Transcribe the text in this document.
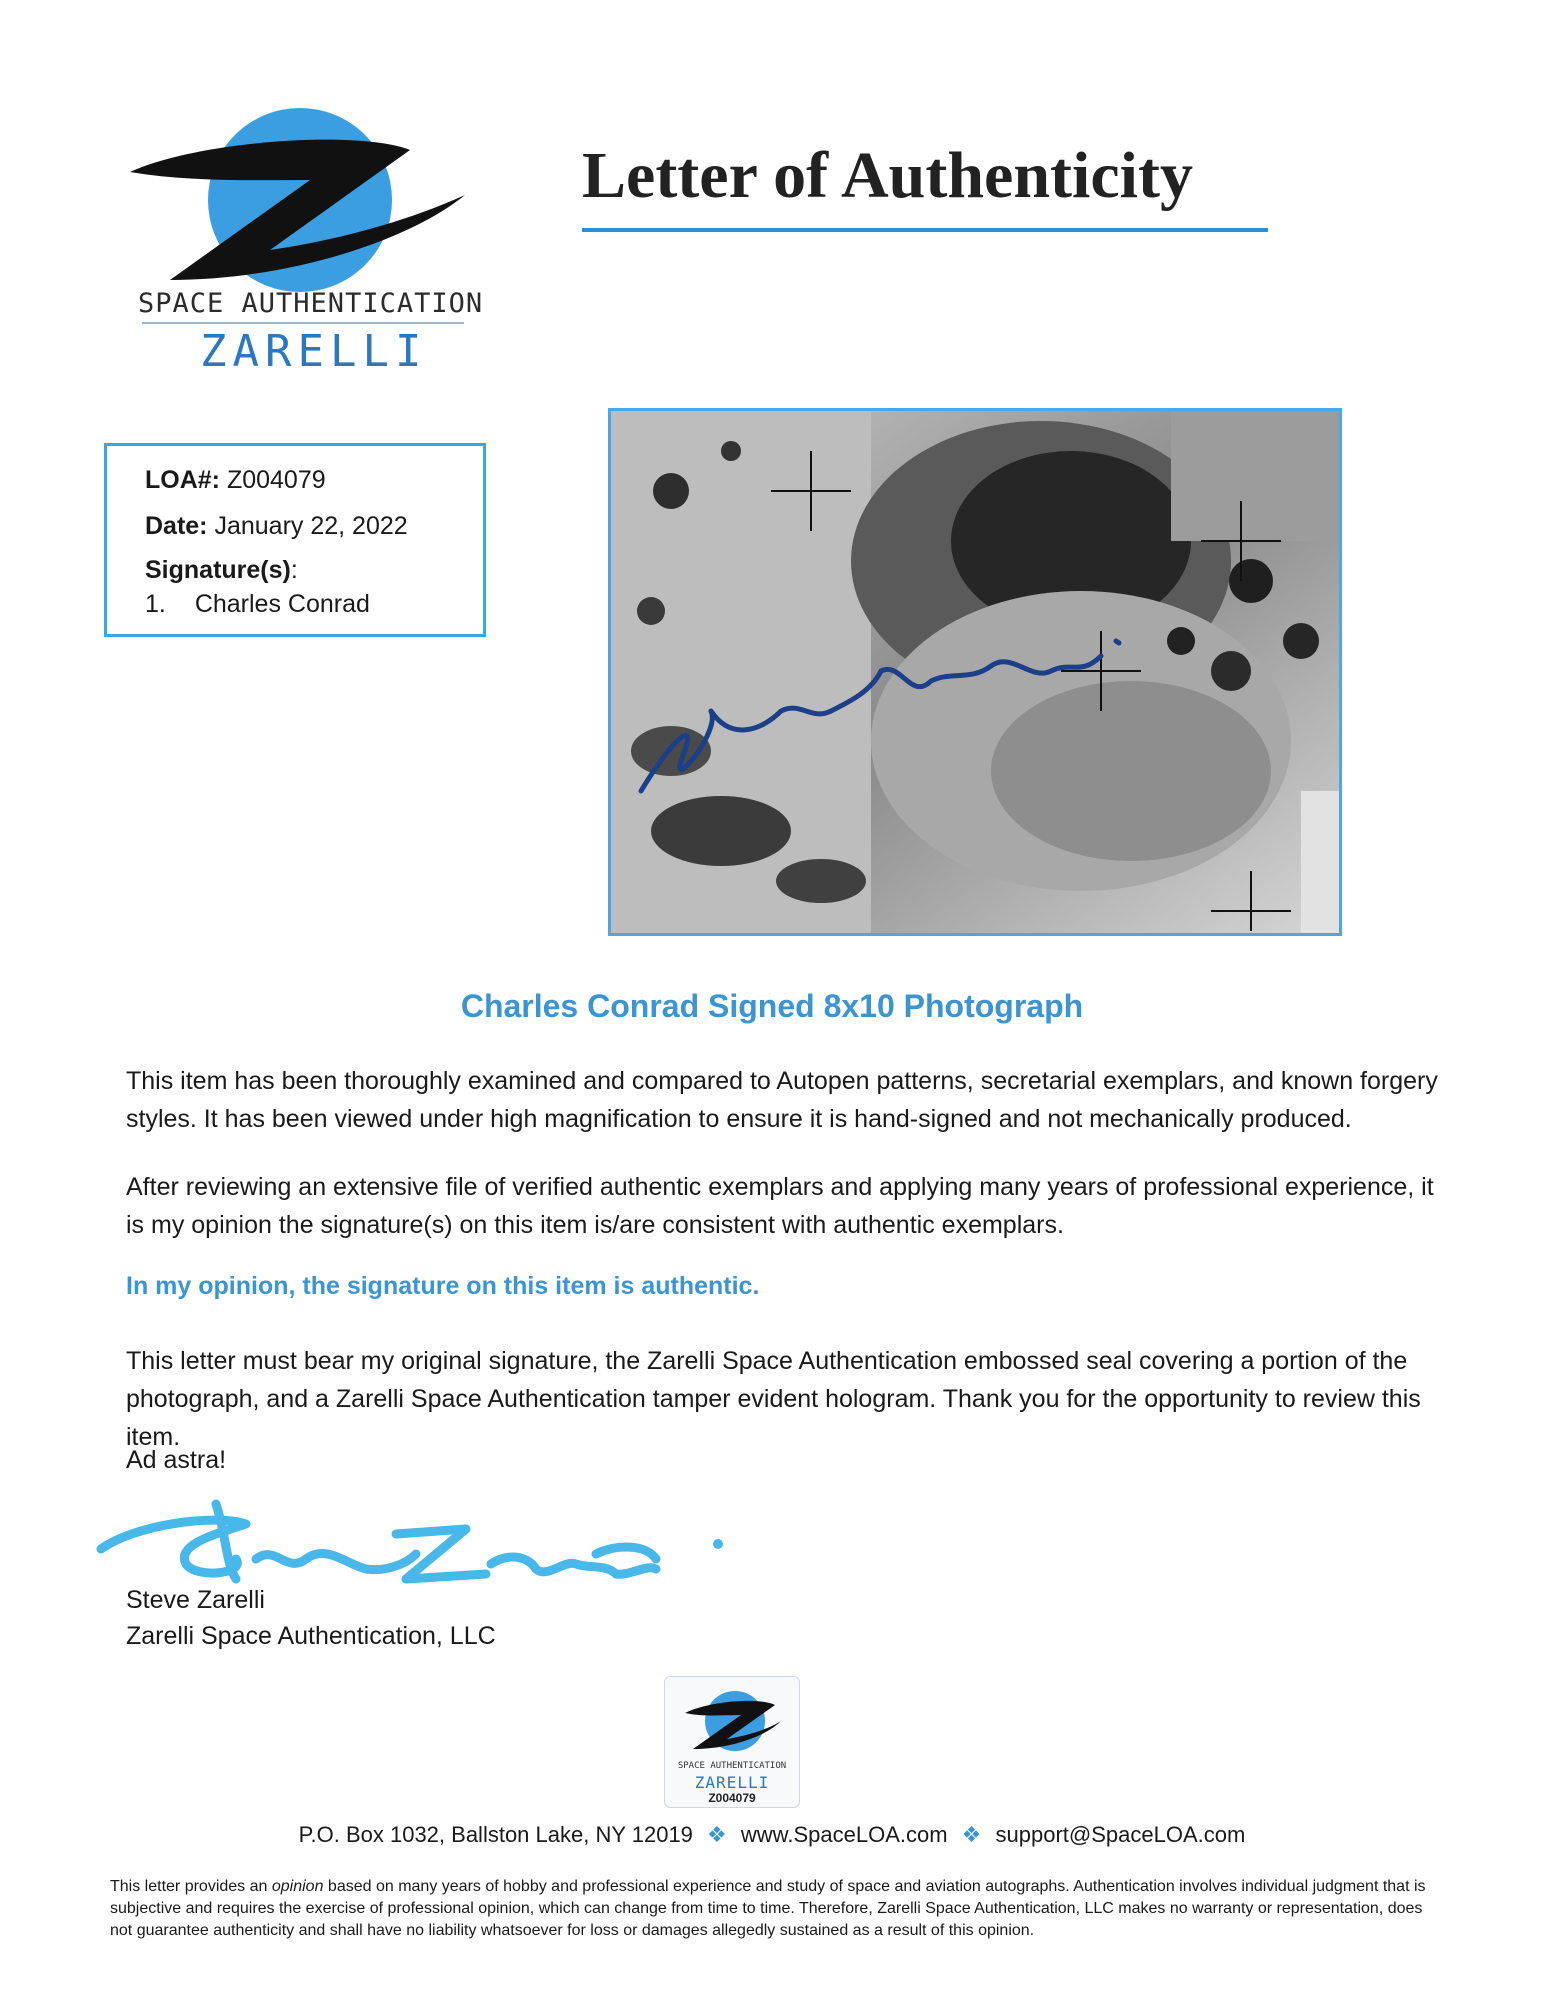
SPACE AUTHENTICATION
ZARELLI
Letter of Authenticity
LOA#: Z004079
Date: January 22, 2022
Signature(s):
1. Charles Conrad
Charles Conrad Signed 8x10 Photograph
This item has been thoroughly examined and compared to Autopen patterns, secretarial exemplars, and known forgery styles. It has been viewed under high magnification to ensure it is hand-signed and not mechanically produced.
After reviewing an extensive file of verified authentic exemplars and applying many years of professional experience, it is my opinion the signature(s) on this item is/are consistent with authentic exemplars.
In my opinion, the signature on this item is authentic.
This letter must bear my original signature, the Zarelli Space Authentication embossed seal covering a portion of the photograph, and a Zarelli Space Authentication tamper evident hologram. Thank you for the opportunity to review this item.
Ad astra!
Steve Zarelli
Zarelli Space Authentication, LLC
SPACE AUTHENTICATION
ZARELLI
Z004079
P.O. Box 1032, Ballston Lake, NY 12019 ❖ www.SpaceLOA.com ❖ support@SpaceLOA.com
This letter provides an opinion based on many years of hobby and professional experience and study of space and aviation autographs. Authentication involves individual judgment that is subjective and requires the exercise of professional opinion, which can change from time to time. Therefore, Zarelli Space Authentication, LLC makes no warranty or representation, does not guarantee authenticity and shall have no liability whatsoever for loss or damages allegedly sustained as a result of this opinion.
